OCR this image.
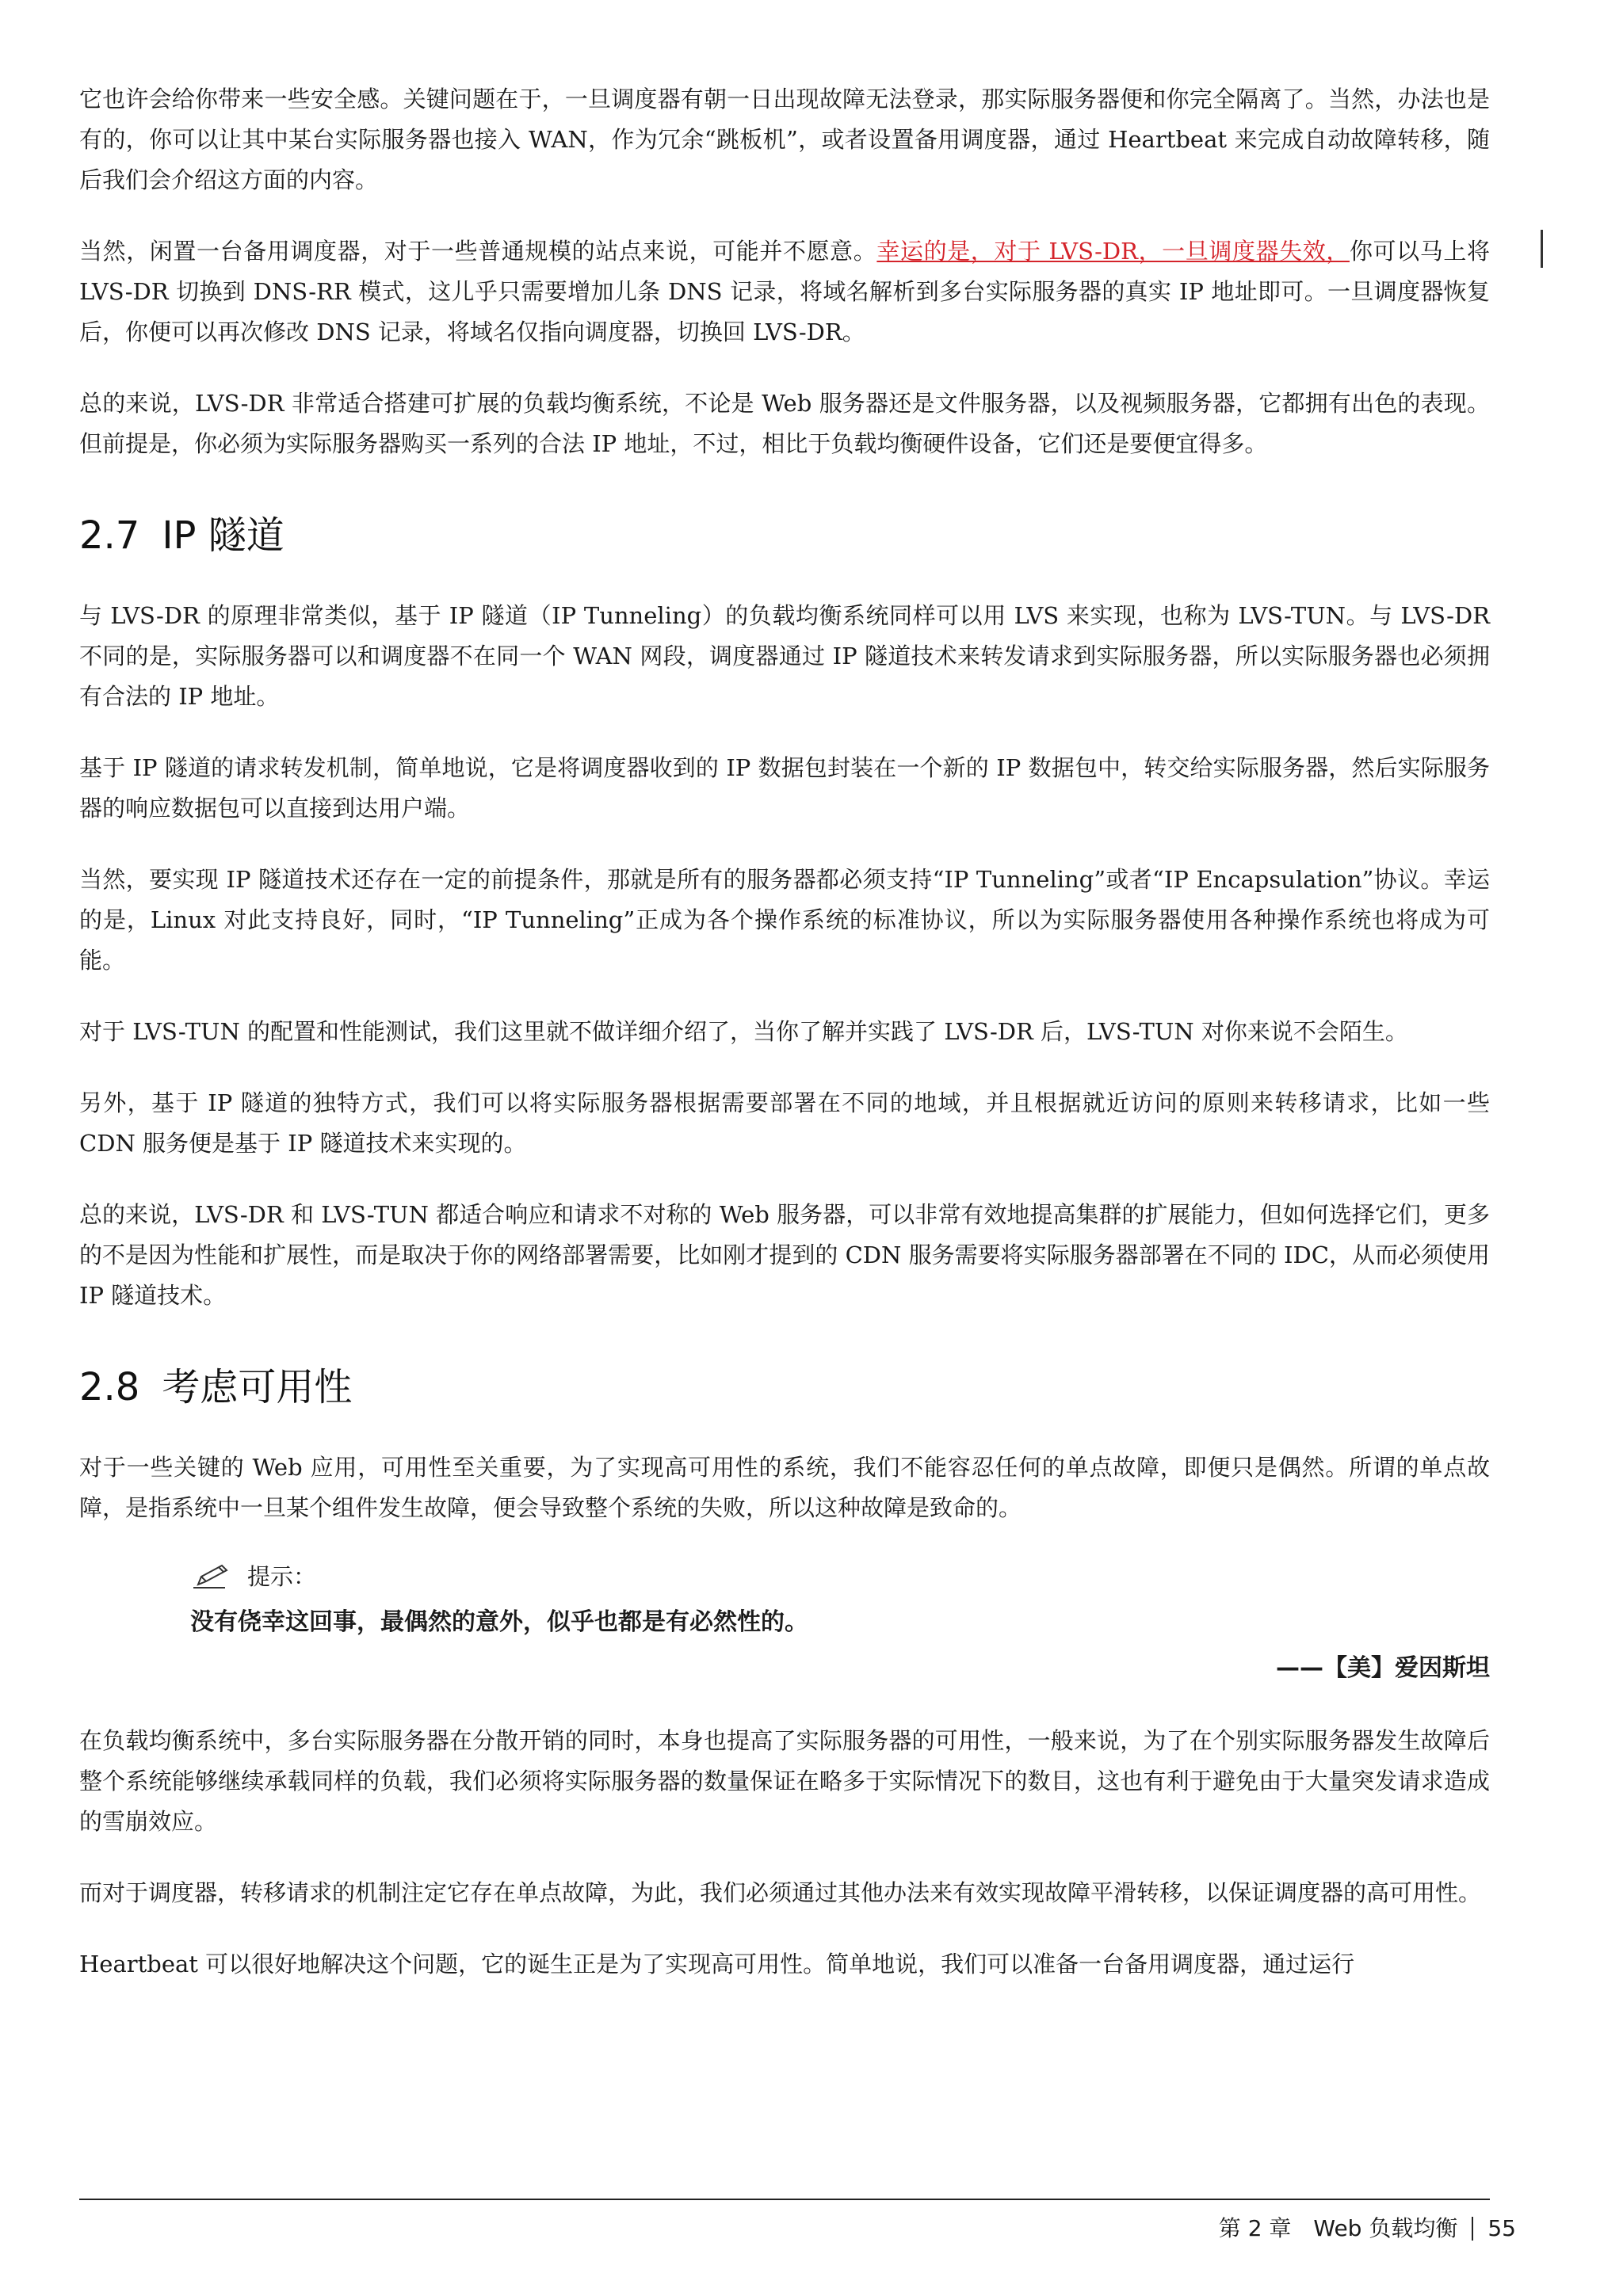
它也许会给你带来一些安全感。关键问题在于，一旦调度器有朝一日出现故障无法登录，那实际服务器便和你完全隔离了。当然，办法也是有的，你可以让其中某台实际服务器也接入 WAN，作为冗余“跳板机”，或者设置备用调度器，通过 Heartbeat 来完成自动故障转移，随后我们会介绍这方面的内容。

当然，闲置一台备用调度器，对于一些普通规模的站点来说，可能并不愿意。幸运的是，对于 LVS-DR，一旦调度器失效，你可以马上将 LVS-DR 切换到 DNS-RR 模式，这儿乎只需要增加儿条 DNS 记录，将域名解析到多台实际服务器的真实 IP 地址即可。一旦调度器恢复后，你便可以再次修改 DNS 记录，将域名仅指向调度器，切换回 LVS-DR。

总的来说，LVS-DR 非常适合搭建可扩展的负载均衡系统，不论是 Web 服务器还是文件服务器，以及视频服务器，它都拥有出色的表现。但前提是，你必须为实际服务器购买一系列的合法 IP 地址，不过，相比于负载均衡硬件设备，它们还是要便宜得多。

2.7 IP 隧道

与 LVS-DR 的原理非常类似，基于 IP 隧道（IP Tunneling）的负载均衡系统同样可以用 LVS 来实现，也称为 LVS-TUN。与 LVS-DR 不同的是，实际服务器可以和调度器不在同一个 WAN 网段，调度器通过 IP 隧道技术来转发请求到实际服务器，所以实际服务器也必须拥有合法的 IP 地址。

基于 IP 隧道的请求转发机制，简单地说，它是将调度器收到的 IP 数据包封装在一个新的 IP 数据包中，转交给实际服务器，然后实际服务器的响应数据包可以直接到达用户端。

当然，要实现 IP 隧道技术还存在一定的前提条件，那就是所有的服务器都必须支持“IP Tunneling”或者“IP Encapsulation”协议。幸运的是，Linux 对此支持良好，同时，“IP Tunneling”正成为各个操作系统的标准协议，所以为实际服务器使用各种操作系统也将成为可能。

对于 LVS-TUN 的配置和性能测试，我们这里就不做详细介绍了，当你了解并实践了 LVS-DR 后，LVS-TUN 对你来说不会陌生。

另外，基于 IP 隧道的独特方式，我们可以将实际服务器根据需要部署在不同的地域，并且根据就近访问的原则来转移请求，比如一些 CDN 服务便是基于 IP 隧道技术来实现的。

总的来说，LVS-DR 和 LVS-TUN 都适合响应和请求不对称的 Web 服务器，可以非常有效地提高集群的扩展能力，但如何选择它们，更多的不是因为性能和扩展性，而是取决于你的网络部署需要，比如刚才提到的 CDN 服务需要将实际服务器部署在不同的 IDC，从而必须使用 IP 隧道技术。

2.8 考虑可用性

对于一些关键的 Web 应用，可用性至关重要，为了实现高可用性的系统，我们不能容忍任何的单点故障，即便只是偶然。所谓的单点故障，是指系统中一旦某个组件发生故障，便会导致整个系统的失败，所以这种故障是致命的。

提示：

没有侥幸这回事，最偶然的意外，似乎也都是有必然性的。

——【美】爱因斯坦

在负载均衡系统中，多台实际服务器在分散开销的同时，本身也提高了实际服务器的可用性，一般来说，为了在个别实际服务器发生故障后整个系统能够继续承载同样的负载，我们必须将实际服务器的数量保证在略多于实际情况下的数目，这也有利于避免由于大量突发请求造成的雪崩效应。

而对于调度器，转移请求的机制注定它存在单点故障，为此，我们必须通过其他办法来有效实现故障平滑转移，以保证调度器的高可用性。

Heartbeat 可以很好地解决这个问题，它的诞生正是为了实现高可用性。简单地说，我们可以准备一台备用调度器，通过运行

第 2 章　Web 负载均衡 55
